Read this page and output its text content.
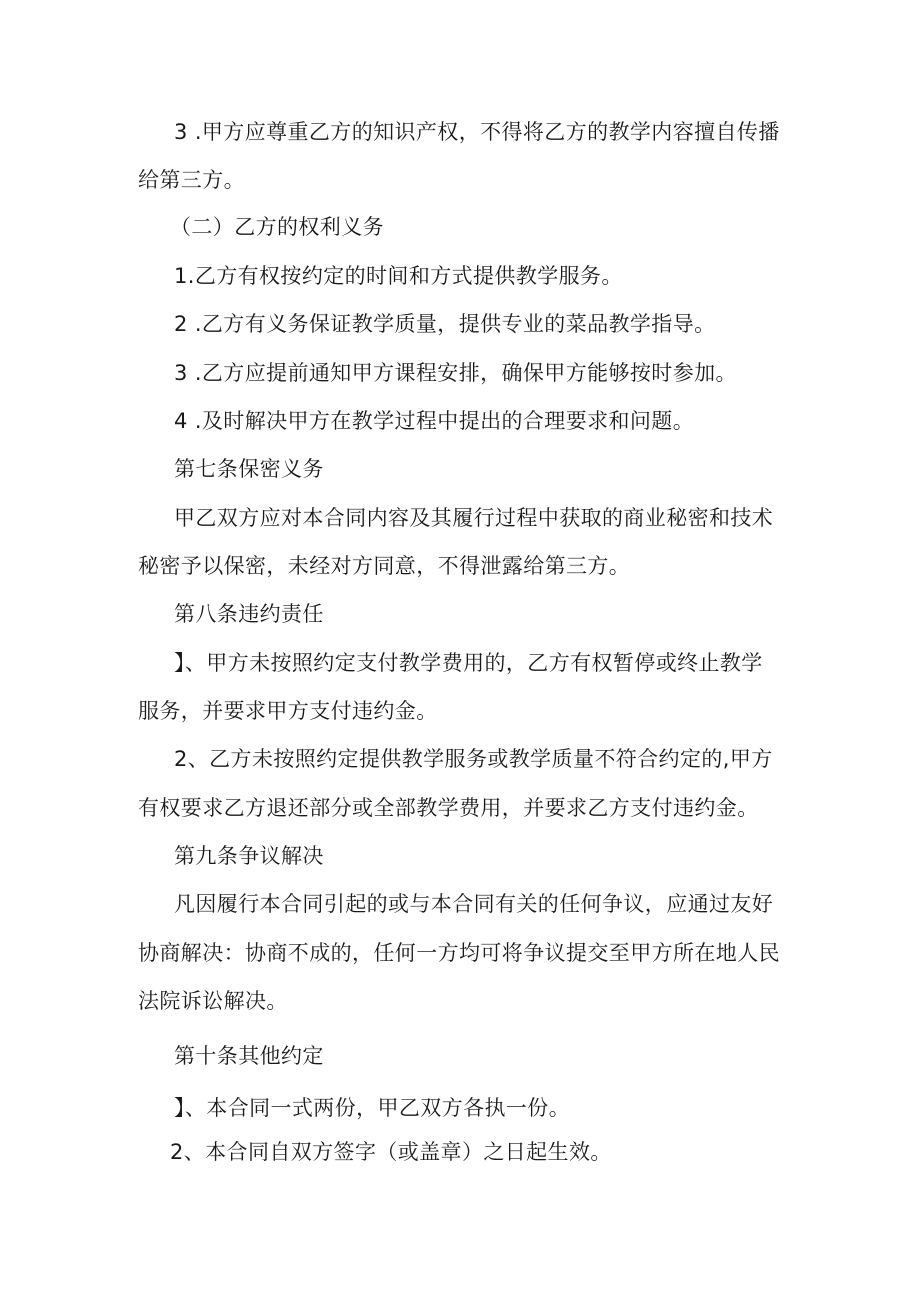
3 .甲方应尊重乙方的知识产权，不得将乙方的教学内容擅自传播
给第三方。
（二）乙方的权利义务
1.乙方有权按约定的时间和方式提供教学服务。
2 .乙方有义务保证教学质量，提供专业的菜品教学指导。
3 .乙方应提前通知甲方课程安排，确保甲方能够按时参加。
4 .及时解决甲方在教学过程中提出的合理要求和问题。
第七条保密义务
甲乙双方应对本合同内容及其履行过程中获取的商业秘密和技术
秘密予以保密，未经对方同意，不得泄露给第三方。
第八条违约责任
】、甲方未按照约定支付教学费用的，乙方有权暂停或终止教学
服务，并要求甲方支付违约金。
2、乙方未按照约定提供教学服务或教学质量不符合约定的,甲方
有权要求乙方退还部分或全部教学费用，并要求乙方支付违约金。
第九条争议解决
凡因履行本合同引起的或与本合同有关的任何争议，应通过友好
协商解决：协商不成的，任何一方均可将争议提交至甲方所在地人民
法院诉讼解决。
第十条其他约定
】、本合同一式两份，甲乙双方各执一份。
2、本合同自双方签字（或盖章）之日起生效。
